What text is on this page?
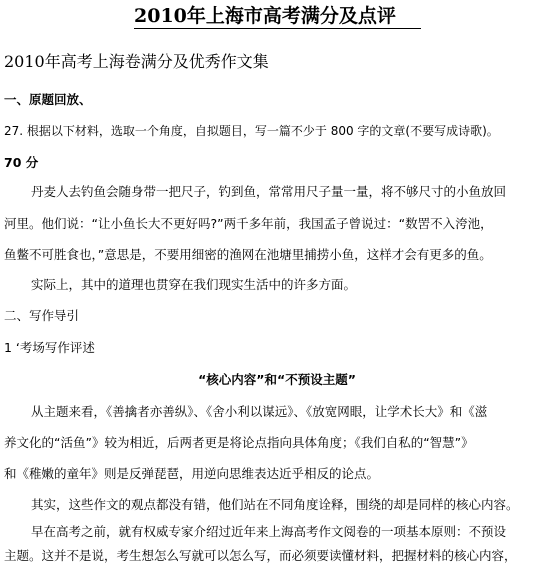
2010年上海市高考满分及点评
2010年高考上海卷满分及优秀作文集
一、原题回放、
27. 根据以下材料，选取一个角度，自拟题目，写一篇不少于 800 字的文章(不要写成诗歌)。
70 分
丹麦人去钓鱼会随身带一把尺子，钓到鱼，常常用尺子量一量，将不够尺寸的小鱼放回
河里。他们说：“让小鱼长大不更好吗?”两千多年前，我国孟子曾说过：“数罟不入洿池，
鱼鳖不可胜食也，”意思是，不要用细密的渔网在池塘里捕捞小鱼，这样才会有更多的鱼。
实际上，其中的道理也贯穿在我们现实生活中的许多方面。
二、写作导引
1 ‘考场写作评述
“核心内容”和“不预设主题”
从主题来看，《善擒者亦善纵》、《舍小利以谋远》、《放宽网眼，让学术长大》和《滋
养文化的“活鱼”》较为相近，后两者更是将论点指向具体角度；《我们自私的“智慧”》
和《稚嫩的童年》则是反弹琵琶，用逆向思维表达近乎相反的论点。
其实，这些作文的观点都没有错，他们站在不同角度诠释，围绕的却是同样的核心内容。
早在高考之前，就有权威专家介绍过近年来上海高考作文阅卷的一项基本原则：不预设
主题。这并不是说，考生想怎么写就可以怎么写，而必须要读懂材料，把握材料的核心内容，
